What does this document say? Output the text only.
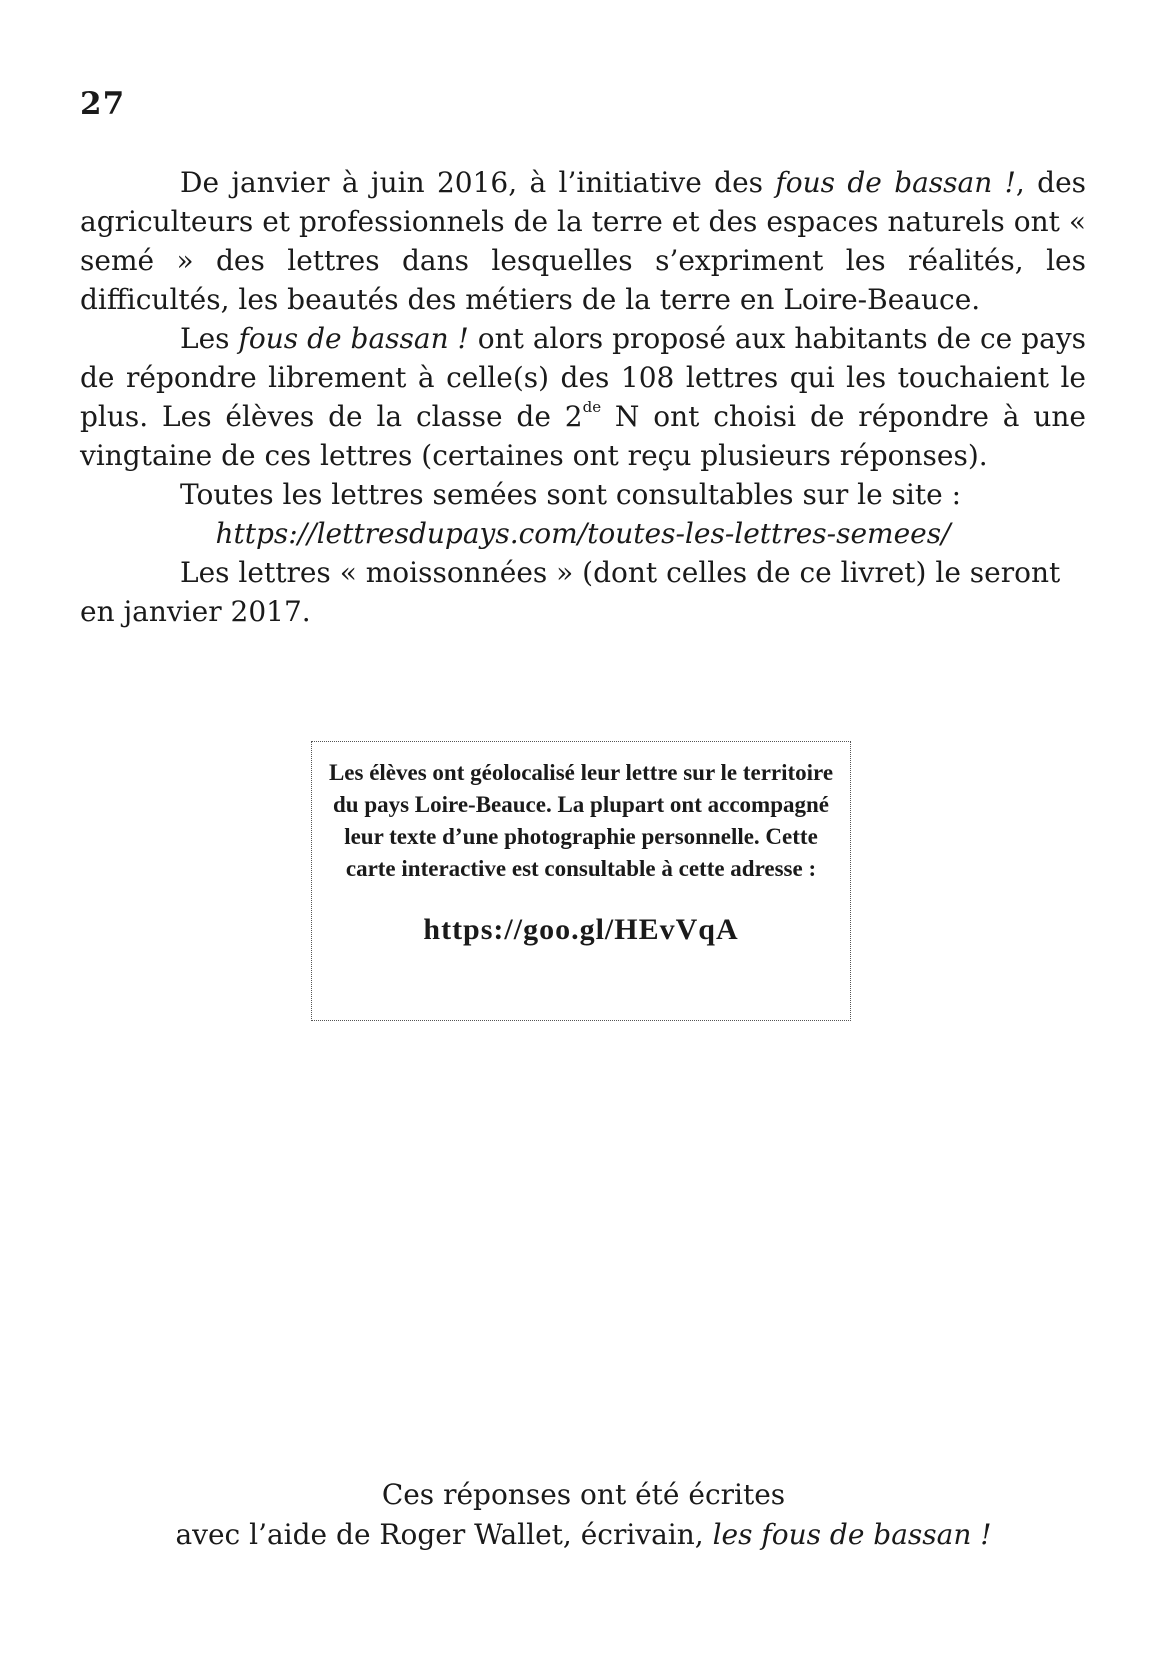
27

De janvier à juin 2016, à l’initiative des fous de bassan !, des agriculteurs et professionnels de la terre et des espaces naturels ont « semé » des lettres dans lesquelles s’expriment les réalités, les difficultés, les beautés des métiers de la terre en Loire-Beauce.

Les fous de bassan ! ont alors proposé aux habitants de ce pays de répondre librement à celle(s) des 108 lettres qui les touchaient le plus. Les élèves de la classe de 2de N ont choisi de répondre à une vingtaine de ces lettres (certaines ont reçu plusieurs réponses).

Toutes les lettres semées sont consultables sur le site :

https://lettresdupays.com/toutes-les-lettres-semees/

Les lettres « moissonnées » (dont celles de ce livret) le seront en janvier 2017.

Les élèves ont géolocalisé leur lettre sur le territoire du pays Loire-Beauce. La plupart ont accompagné leur texte d’une photographie personnelle. Cette carte interactive est consultable à cette adresse :
https://goo.gl/HEvVqA
Ces réponses ont été écrites
avec l’aide de Roger Wallet, écrivain, les fous de bassan !
